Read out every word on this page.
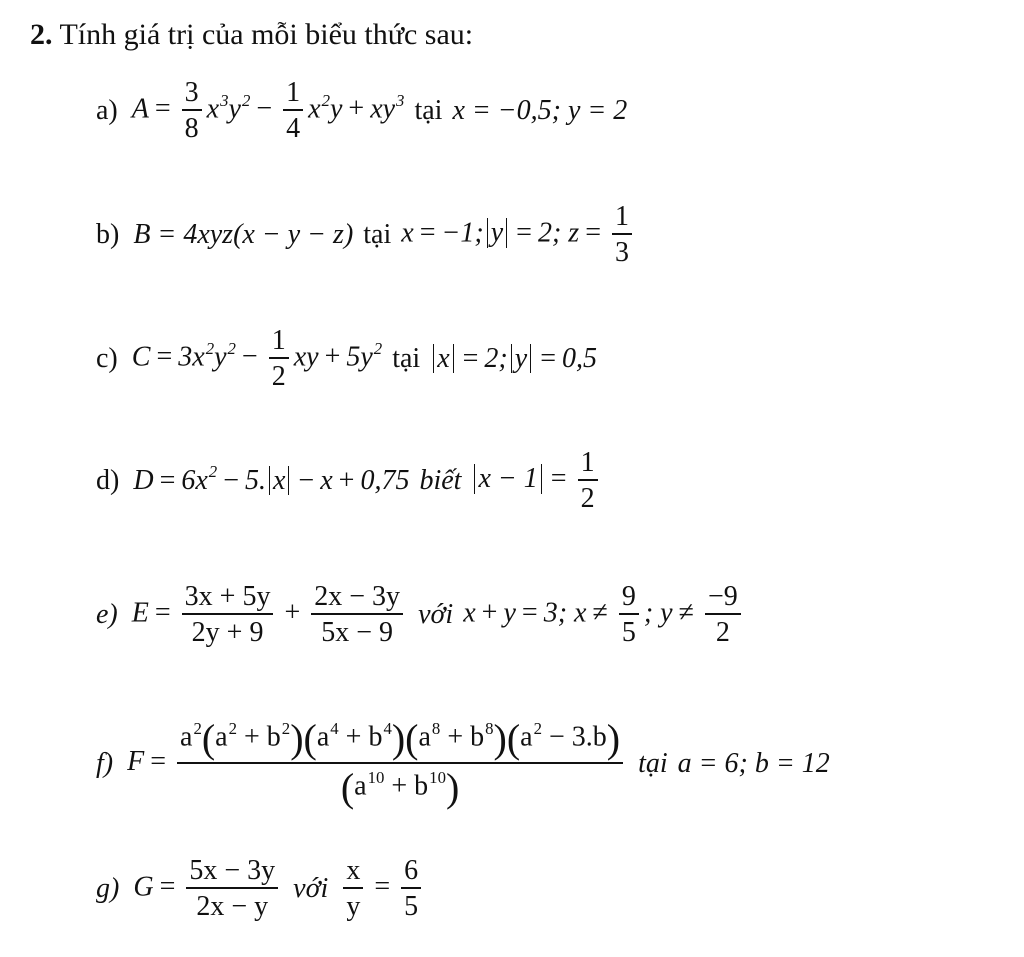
2. Tính giá trị của mỗi biểu thức sau:
a) $A = \frac{3}{8} x^3y^2 - \frac{1}{4} x^2y + xy^3$ tại x = −0,5; y = 2
b) B = 4xyz(x − y − z) tại x = −1; y = 2; $z = \frac{1}{3}$
c) $C = 3x^2y^2 - \frac{1}{2}$ xy + $5y^2$ tại x = 2; y = 0,5
d) $D = 6x^2 - 5$. x − x + 0,75 biết $x - 1 = \frac{1}{2}$
e) $E = \frac{3x + 5y}{2y + 9} + \frac{2x - 3y}{5x - 9}$ với x + y = 3; $x \ne \frac{9}{5}$ ; $y \ne \frac{-9}{2}$
f) $F = \frac{a^2(a^2 + b^2)(a^4 + b^4)(a^8 + b^8)(a^2 - 3.b)}{(a^{10} + b^{10})}$ tại a = 6; b = 12
g) $G = \frac{5x - 3y}{2x - y}$ với $\frac{x}{y} = \frac{6}{5}$
